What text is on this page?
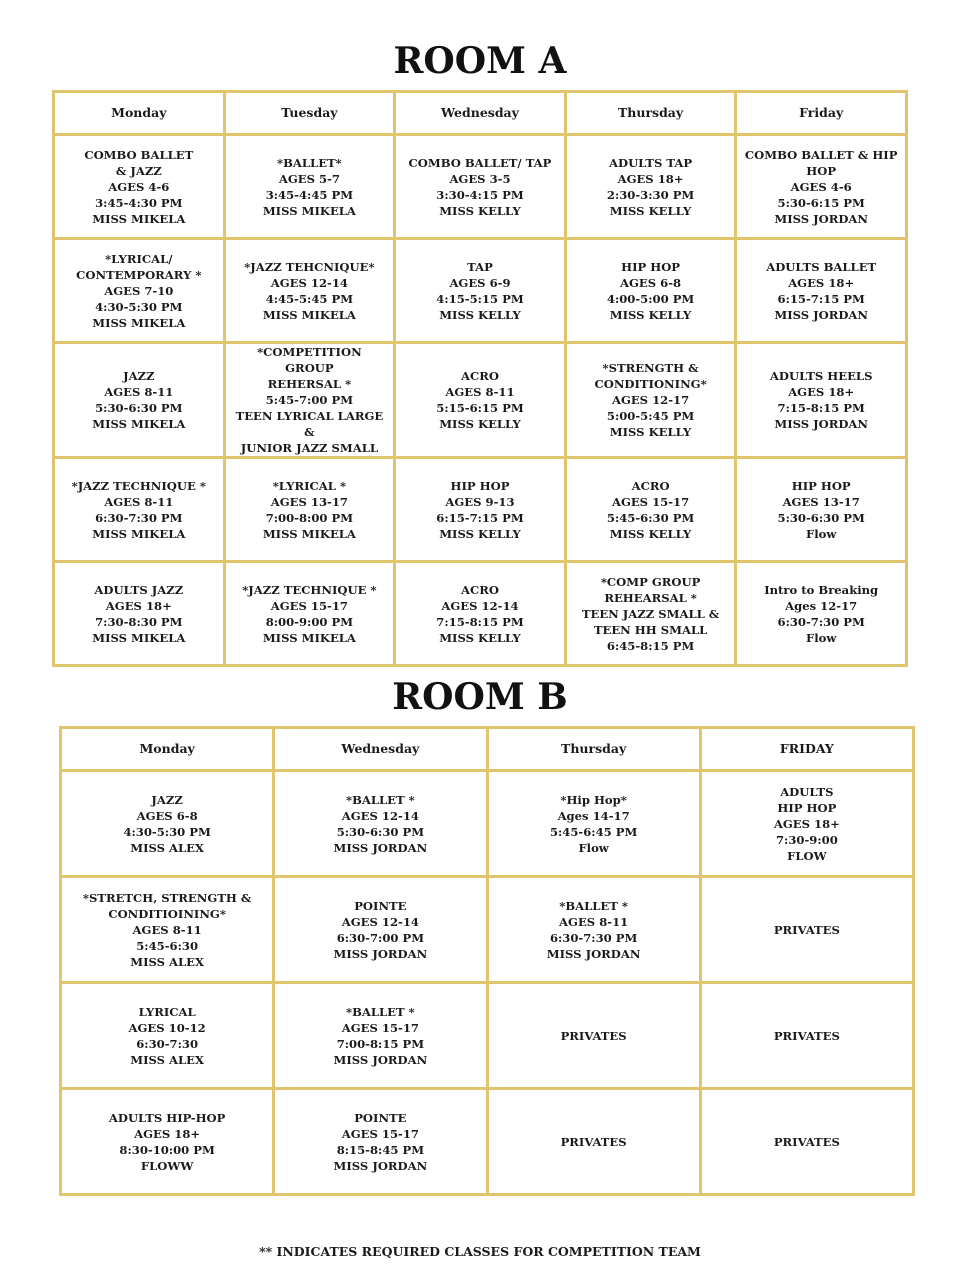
ROOM A
Monday	Tuesday	Wednesday	Thursday	Friday

COMBO BALLET
& JAZZ
AGES 4-6
3:45-4:30 PM
MISS MIKELA	*BALLET*
AGES 5-7
3:45-4:45 PM
MISS MIKELA	COMBO BALLET/ TAP
AGES 3-5
3:30-4:15 PM
MISS KELLY	ADULTS TAP
AGES 18+
2:30-3:30 PM
MISS KELLY	COMBO BALLET & HIP
HOP
AGES 4-6
5:30-6:15 PM
MISS JORDAN

*LYRICAL/
CONTEMPORARY *
AGES 7-10
4:30-5:30 PM
MISS MIKELA	*JAZZ TEHCNIQUE*
AGES 12-14
4:45-5:45 PM
MISS MIKELA	TAP
AGES 6-9
4:15-5:15 PM
MISS KELLY	HIP HOP
AGES 6-8
4:00-5:00 PM
MISS KELLY	ADULTS BALLET
AGES 18+
6:15-7:15 PM
MISS JORDAN

JAZZ
AGES 8-11
5:30-6:30 PM
MISS MIKELA	*COMPETITION GROUP
REHERSAL *
5:45-7:00 PM
TEEN LYRICAL LARGE &
JUNIOR JAZZ SMALL	ACRO
AGES 8-11
5:15-6:15 PM
MISS KELLY	*STRENGTH &
CONDITIONING*
AGES 12-17
5:00-5:45 PM
MISS KELLY	ADULTS HEELS
AGES 18+
7:15-8:15 PM
MISS JORDAN

*JAZZ TECHNIQUE *
AGES 8-11
6:30-7:30 PM
MISS MIKELA	*LYRICAL *
AGES 13-17
7:00-8:00 PM
MISS MIKELA	HIP HOP
AGES 9-13
6:15-7:15 PM
MISS KELLY	ACRO
AGES 15-17
5:45-6:30 PM
MISS KELLY	HIP HOP
AGES 13-17
5:30-6:30 PM
Flow

ADULTS JAZZ
AGES 18+
7:30-8:30 PM
MISS MIKELA	*JAZZ TECHNIQUE *
AGES 15-17
8:00-9:00 PM
MISS MIKELA	ACRO
AGES 12-14
7:15-8:15 PM
MISS KELLY	*COMP GROUP
REHEARSAL *
TEEN JAZZ SMALL &
TEEN HH SMALL
6:45-8:15 PM	Intro to Breaking
Ages 12-17
6:30-7:30 PM
Flow
ROOM B
Monday	Wednesday	Thursday	FRIDAY

JAZZ
AGES 6-8
4:30-5:30 PM
MISS ALEX	*BALLET *
AGES 12-14
5:30-6:30 PM
MISS JORDAN	*Hip Hop*
Ages 14-17
5:45-6:45 PM
Flow	ADULTS
HIP HOP
AGES 18+
7:30-9:00
FLOW

*STRETCH, STRENGTH &
CONDITIOINING*
AGES 8-11
5:45-6:30
MISS ALEX	POINTE
AGES 12-14
6:30-7:00 PM
MISS JORDAN	*BALLET *
AGES 8-11
6:30-7:30 PM
MISS JORDAN	PRIVATES

LYRICAL
AGES 10-12
6:30-7:30
MISS ALEX	*BALLET *
AGES 15-17
7:00-8:15 PM
MISS JORDAN	PRIVATES	PRIVATES

ADULTS HIP-HOP
AGES 18+
8:30-10:00 PM
FLOWW	POINTE
AGES 15-17
8:15-8:45 PM
MISS JORDAN	PRIVATES	PRIVATES
** INDICATES REQUIRED CLASSES FOR COMPETITION TEAM
